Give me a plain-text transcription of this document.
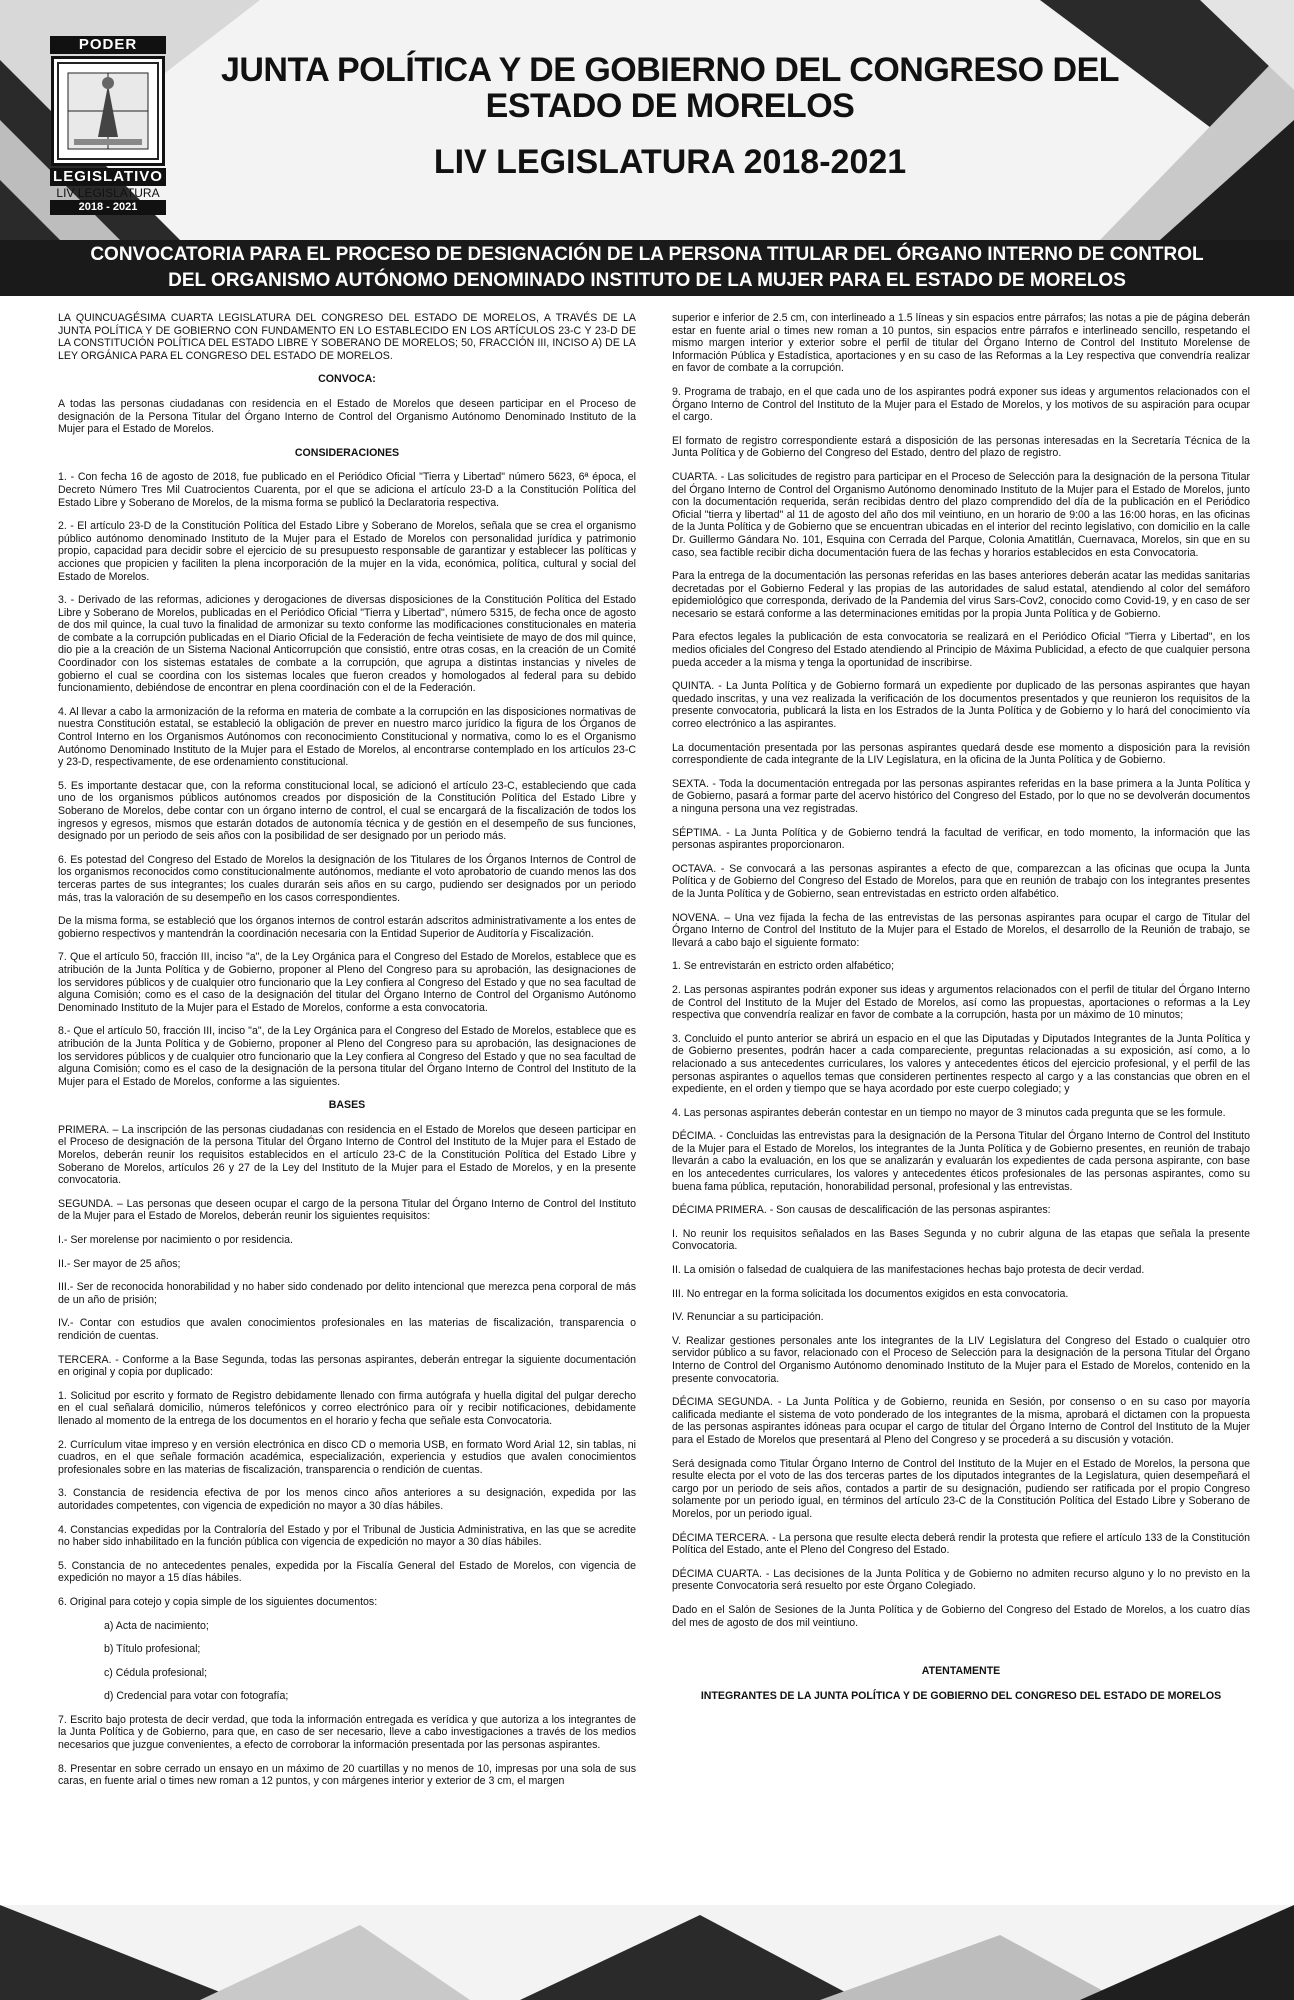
PODER
LEGISLATIVO
LIV LEGISLATURA
2018 - 2021
JUNTA POLÍTICA Y DE GOBIERNO DEL CONGRESO DEL
ESTADO DE MORELOS
LIV LEGISLATURA 2018-2021
CONVOCATORIA PARA EL PROCESO DE DESIGNACIÓN DE LA PERSONA TITULAR DEL ÓRGANO INTERNO DE CONTROL
DEL ORGANISMO AUTÓNOMO DENOMINADO INSTITUTO DE LA MUJER PARA EL ESTADO DE MORELOS

LA QUINCUAGÉSIMA CUARTA LEGISLATURA DEL CONGRESO DEL ESTADO DE MORELOS, A TRAVÉS DE LA JUNTA POLÍTICA Y DE GOBIERNO CON FUNDAMENTO EN LO ESTABLECIDO EN LOS ARTÍCULOS 23-C Y 23-D DE LA CONSTITUCIÓN POLÍTICA DEL ESTADO LIBRE Y SOBERANO DE MORELOS; 50, FRACCIÓN III, INCISO A) DE LA LEY ORGÁNICA PARA EL CONGRESO DEL ESTADO DE MORELOS.

CONVOCA:

A todas las personas ciudadanas con residencia en el Estado de Morelos que deseen participar en el Proceso de designación de la Persona Titular del Órgano Interno de Control del Organismo Autónomo Denominado Instituto de la Mujer para el Estado de Morelos.

CONSIDERACIONES

1. - Con fecha 16 de agosto de 2018, fue publicado en el Periódico Oficial "Tierra y Libertad" número 5623, 6ª época, el Decreto Número Tres Mil Cuatrocientos Cuarenta, por el que se adiciona el artículo 23-D a la Constitución Política del Estado Libre y Soberano de Morelos, de la misma forma se publicó la Declaratoria respectiva.

2. - El artículo 23-D de la Constitución Política del Estado Libre y Soberano de Morelos, señala que se crea el organismo público autónomo denominado Instituto de la Mujer para el Estado de Morelos con personalidad jurídica y patrimonio propio, capacidad para decidir sobre el ejercicio de su presupuesto responsable de garantizar y establecer las políticas y acciones que propicien y faciliten la plena incorporación de la mujer en la vida, económica, política, cultural y social del Estado de Morelos.

3. - Derivado de las reformas, adiciones y derogaciones de diversas disposiciones de la Constitución Política del Estado Libre y Soberano de Morelos, publicadas en el Periódico Oficial "Tierra y Libertad", número 5315, de fecha once de agosto de dos mil quince, la cual tuvo la finalidad de armonizar su texto conforme las modificaciones constitucionales en materia de combate a la corrupción publicadas en el Diario Oficial de la Federación de fecha veintisiete de mayo de dos mil quince, dio pie a la creación de un Sistema Nacional Anticorrupción que consistió, entre otras cosas, en la creación de un Comité Coordinador con los sistemas estatales de combate a la corrupción, que agrupa a distintas instancias y niveles de gobierno el cual se coordina con los sistemas locales que fueron creados y homologados al federal para su debido funcionamiento, debiéndose de encontrar en plena coordinación con el de la Federación.

4. Al llevar a cabo la armonización de la reforma en materia de combate a la corrupción en las disposiciones normativas de nuestra Constitución estatal, se estableció la obligación de prever en nuestro marco jurídico la figura de los Órganos de Control Interno en los Organismos Autónomos con reconocimiento Constitucional y normativa, como lo es el Organismo Autónomo Denominado Instituto de la Mujer para el Estado de Morelos, al encontrarse contemplado en los artículos 23-C y 23-D, respectivamente, de ese ordenamiento constitucional.

5. Es importante destacar que, con la reforma constitucional local, se adicionó el artículo 23-C, estableciendo que cada uno de los organismos públicos autónomos creados por disposición de la Constitución Política del Estado Libre y Soberano de Morelos, debe contar con un órgano interno de control, el cual se encargará de la fiscalización de todos los ingresos y egresos, mismos que estarán dotados de autonomía técnica y de gestión en el desempeño de sus funciones, designado por un periodo de seis años con la posibilidad de ser designado por un periodo más.

6. Es potestad del Congreso del Estado de Morelos la designación de los Titulares de los Órganos Internos de Control de los organismos reconocidos como constitucionalmente autónomos, mediante el voto aprobatorio de cuando menos las dos terceras partes de sus integrantes; los cuales durarán seis años en su cargo, pudiendo ser designados por un periodo más, tras la valoración de su desempeño en los casos correspondientes.

De la misma forma, se estableció que los órganos internos de control estarán adscritos administrativamente a los entes de gobierno respectivos y mantendrán la coordinación necesaria con la Entidad Superior de Auditoría y Fiscalización.

7. Que el artículo 50, fracción III, inciso "a", de la Ley Orgánica para el Congreso del Estado de Morelos, establece que es atribución de la Junta Política y de Gobierno, proponer al Pleno del Congreso para su aprobación, las designaciones de los servidores públicos y de cualquier otro funcionario que la Ley confiera al Congreso del Estado y que no sea facultad de alguna Comisión; como es el caso de la designación del titular del Órgano Interno de Control del Organismo Autónomo Denominado Instituto de la Mujer para el Estado de Morelos, conforme a esta convocatoria.

8.- Que el artículo 50, fracción III, inciso "a", de la Ley Orgánica para el Congreso del Estado de Morelos, establece que es atribución de la Junta Política y de Gobierno, proponer al Pleno del Congreso para su aprobación, las designaciones de los servidores públicos y de cualquier otro funcionario que la Ley confiera al Congreso del Estado y que no sea facultad de alguna Comisión; como es el caso de la designación de la persona titular del Órgano Interno de Control del Instituto de la Mujer para el Estado de Morelos, conforme a las siguientes.

BASES

PRIMERA. – La inscripción de las personas ciudadanas con residencia en el Estado de Morelos que deseen participar en el Proceso de designación de la persona Titular del Órgano Interno de Control del Instituto de la Mujer para el Estado de Morelos, deberán reunir los requisitos establecidos en el artículo 23-C de la Constitución Política del Estado Libre y Soberano de Morelos, artículos 26 y 27 de la Ley del Instituto de la Mujer para el Estado de Morelos, y en la presente convocatoria.

SEGUNDA. – Las personas que deseen ocupar el cargo de la persona Titular del Órgano Interno de Control del Instituto de la Mujer para el Estado de Morelos, deberán reunir los siguientes requisitos:

I.- Ser morelense por nacimiento o por residencia.

II.- Ser mayor de 25 años;

III.- Ser de reconocida honorabilidad y no haber sido condenado por delito intencional que merezca pena corporal de más de un año de prisión;

IV.- Contar con estudios que avalen conocimientos profesionales en las materias de fiscalización, transparencia o rendición de cuentas.

TERCERA. - Conforme a la Base Segunda, todas las personas aspirantes, deberán entregar la siguiente documentación en original y copia por duplicado:

1. Solicitud por escrito y formato de Registro debidamente llenado con firma autógrafa y huella digital del pulgar derecho en el cual señalará domicilio, números telefónicos y correo electrónico para oír y recibir notificaciones, debidamente llenado al momento de la entrega de los documentos en el horario y fecha que señale esta Convocatoria.

2. Currículum vitae impreso y en versión electrónica en disco CD o memoria USB, en formato Word Arial 12, sin tablas, ni cuadros, en el que señale formación académica, especialización, experiencia y estudios que avalen conocimientos profesionales sobre en las materias de fiscalización, transparencia o rendición de cuentas.

3. Constancia de residencia efectiva de por los menos cinco años anteriores a su designación, expedida por las autoridades competentes, con vigencia de expedición no mayor a 30 días hábiles.

4. Constancias expedidas por la Contraloría del Estado y por el Tribunal de Justicia Administrativa, en las que se acredite no haber sido inhabilitado en la función pública con vigencia de expedición no mayor a 30 días hábiles.

5. Constancia de no antecedentes penales, expedida por la Fiscalía General del Estado de Morelos, con vigencia de expedición no mayor a 15 días hábiles.

6. Original para cotejo y copia simple de los siguientes documentos:

a) Acta de nacimiento;

b) Título profesional;

c) Cédula profesional;

d) Credencial para votar con fotografía;

7. Escrito bajo protesta de decir verdad, que toda la información entregada es verídica y que autoriza a los integrantes de la Junta Política y de Gobierno, para que, en caso de ser necesario, lleve a cabo investigaciones a través de los medios necesarios que juzgue convenientes, a efecto de corroborar la información presentada por las personas aspirantes.

8. Presentar en sobre cerrado un ensayo en un máximo de 20 cuartillas y no menos de 10, impresas por una sola de sus caras, en fuente arial o times new roman a 12 puntos, y con márgenes interior y exterior de 3 cm, el margen

superior e inferior de 2.5 cm, con interlineado a 1.5 líneas y sin espacios entre párrafos; las notas a pie de página deberán estar en fuente arial o times new roman a 10 puntos, sin espacios entre párrafos e interlineado sencillo, respetando el mismo margen interior y exterior sobre el perfil de titular del Órgano Interno de Control del Instituto Morelense de Información Pública y Estadística, aportaciones y en su caso de las Reformas a la Ley respectiva que convendría realizar en favor de combate a la corrupción.

9. Programa de trabajo, en el que cada uno de los aspirantes podrá exponer sus ideas y argumentos relacionados con el Órgano Interno de Control del Instituto de la Mujer para el Estado de Morelos, y los motivos de su aspiración para ocupar el cargo.

El formato de registro correspondiente estará a disposición de las personas interesadas en la Secretaría Técnica de la Junta Política y de Gobierno del Congreso del Estado, dentro del plazo de registro.

CUARTA. - Las solicitudes de registro para participar en el Proceso de Selección para la designación de la persona Titular del Órgano Interno de Control del Organismo Autónomo denominado Instituto de la Mujer para el Estado de Morelos, junto con la documentación requerida, serán recibidas dentro del plazo comprendido del día de la publicación en el Periódico Oficial "tierra y libertad" al 11 de agosto del año dos mil veintiuno, en un horario de 9:00 a las 16:00 horas, en las oficinas de la Junta Política y de Gobierno que se encuentran ubicadas en el interior del recinto legislativo, con domicilio en la calle Dr. Guillermo Gándara No. 101, Esquina con Cerrada del Parque, Colonia Amatitlán, Cuernavaca, Morelos, sin que en su caso, sea factible recibir dicha documentación fuera de las fechas y horarios establecidos en esta Convocatoria.

Para la entrega de la documentación las personas referidas en las bases anteriores deberán acatar las medidas sanitarias decretadas por el Gobierno Federal y las propias de las autoridades de salud estatal, atendiendo al color del semáforo epidemiológico que corresponda, derivado de la Pandemia del virus Sars-Cov2, conocido como Covid-19, y en caso de ser necesario se estará conforme a las determinaciones emitidas por la propia Junta Política y de Gobierno.

Para efectos legales la publicación de esta convocatoria se realizará en el Periódico Oficial "Tierra y Libertad", en los medios oficiales del Congreso del Estado atendiendo al Principio de Máxima Publicidad, a efecto de que cualquier persona pueda acceder a la misma y tenga la oportunidad de inscribirse.

QUINTA. - La Junta Política y de Gobierno formará un expediente por duplicado de las personas aspirantes que hayan quedado inscritas, y una vez realizada la verificación de los documentos presentados y que reunieron los requisitos de la presente convocatoria, publicará la lista en los Estrados de la Junta Política y de Gobierno y lo hará del conocimiento vía correo electrónico a las aspirantes.

La documentación presentada por las personas aspirantes quedará desde ese momento a disposición para la revisión correspondiente de cada integrante de la LIV Legislatura, en la oficina de la Junta Política y de Gobierno.

SEXTA. - Toda la documentación entregada por las personas aspirantes referidas en la base primera a la Junta Política y de Gobierno, pasará a formar parte del acervo histórico del Congreso del Estado, por lo que no se devolverán documentos a ninguna persona una vez registradas.

SÉPTIMA. - La Junta Política y de Gobierno tendrá la facultad de verificar, en todo momento, la información que las personas aspirantes proporcionaron.

OCTAVA. - Se convocará a las personas aspirantes a efecto de que, comparezcan a las oficinas que ocupa la Junta Política y de Gobierno del Congreso del Estado de Morelos, para que en reunión de trabajo con los integrantes presentes de la Junta Política y de Gobierno, sean entrevistadas en estricto orden alfabético.

NOVENA. – Una vez fijada la fecha de las entrevistas de las personas aspirantes para ocupar el cargo de Titular del Órgano Interno de Control del Instituto de la Mujer para el Estado de Morelos, el desarrollo de la Reunión de trabajo, se llevará a cabo bajo el siguiente formato:

1. Se entrevistarán en estricto orden alfabético;

2. Las personas aspirantes podrán exponer sus ideas y argumentos relacionados con el perfil de titular del Órgano Interno de Control del Instituto de la Mujer del Estado de Morelos, así como las propuestas, aportaciones o reformas a la Ley respectiva que convendría realizar en favor de combate a la corrupción, hasta por un máximo de 10 minutos;

3. Concluido el punto anterior se abrirá un espacio en el que las Diputadas y Diputados Integrantes de la Junta Política y de Gobierno presentes, podrán hacer a cada compareciente, preguntas relacionadas a su exposición, así como, a lo relacionado a sus antecedentes curriculares, los valores y antecedentes éticos del ejercicio profesional, y el perfil de las personas aspirantes o aquellos temas que consideren pertinentes respecto al cargo y a las constancias que obren en el expediente, en el orden y tiempo que se haya acordado por este cuerpo colegiado; y

4. Las personas aspirantes deberán contestar en un tiempo no mayor de 3 minutos cada pregunta que se les formule.

DÉCIMA. - Concluidas las entrevistas para la designación de la Persona Titular del Órgano Interno de Control del Instituto de la Mujer para el Estado de Morelos, los integrantes de la Junta Política y de Gobierno presentes, en reunión de trabajo llevarán a cabo la evaluación, en los que se analizarán y evaluarán los expedientes de cada persona aspirante, con base en los antecedentes curriculares, los valores y antecedentes éticos profesionales de las personas aspirantes, como su buena fama pública, reputación, honorabilidad personal, profesional y las entrevistas.

DÉCIMA PRIMERA. - Son causas de descalificación de las personas aspirantes:

I. No reunir los requisitos señalados en las Bases Segunda y no cubrir alguna de las etapas que señala la presente Convocatoria.

II. La omisión o falsedad de cualquiera de las manifestaciones hechas bajo protesta de decir verdad.

III. No entregar en la forma solicitada los documentos exigidos en esta convocatoria.

IV. Renunciar a su participación.

V. Realizar gestiones personales ante los integrantes de la LIV Legislatura del Congreso del Estado o cualquier otro servidor público a su favor, relacionado con el Proceso de Selección para la designación de la persona Titular del Órgano Interno de Control del Organismo Autónomo denominado Instituto de la Mujer para el Estado de Morelos, contenido en la presente convocatoria.

DÉCIMA SEGUNDA. - La Junta Política y de Gobierno, reunida en Sesión, por consenso o en su caso por mayoría calificada mediante el sistema de voto ponderado de los integrantes de la misma, aprobará el dictamen con la propuesta de las personas aspirantes idóneas para ocupar el cargo de titular del Órgano Interno de Control del Instituto de la Mujer para el Estado de Morelos que presentará al Pleno del Congreso y se procederá a su discusión y votación.

Será designada como Titular Órgano Interno de Control del Instituto de la Mujer en el Estado de Morelos, la persona que resulte electa por el voto de las dos terceras partes de los diputados integrantes de la Legislatura, quien desempeñará el cargo por un periodo de seis años, contados a partir de su designación, pudiendo ser ratificada por el propio Congreso solamente por un periodo igual, en términos del artículo 23-C de la Constitución Política del Estado Libre y Soberano de Morelos, por un periodo igual.

DÉCIMA TERCERA. - La persona que resulte electa deberá rendir la protesta que refiere el artículo 133 de la Constitución Política del Estado, ante el Pleno del Congreso del Estado.

DÉCIMA CUARTA. - Las decisiones de la Junta Política y de Gobierno no admiten recurso alguno y lo no previsto en la presente Convocatoria será resuelto por este Órgano Colegiado.

Dado en el Salón de Sesiones de la Junta Política y de Gobierno del Congreso del Estado de Morelos, a los cuatro días del mes de agosto de dos mil veintiuno.

ATENTAMENTE

INTEGRANTES DE LA JUNTA POLÍTICA Y DE GOBIERNO DEL CONGRESO DEL ESTADO DE MORELOS
